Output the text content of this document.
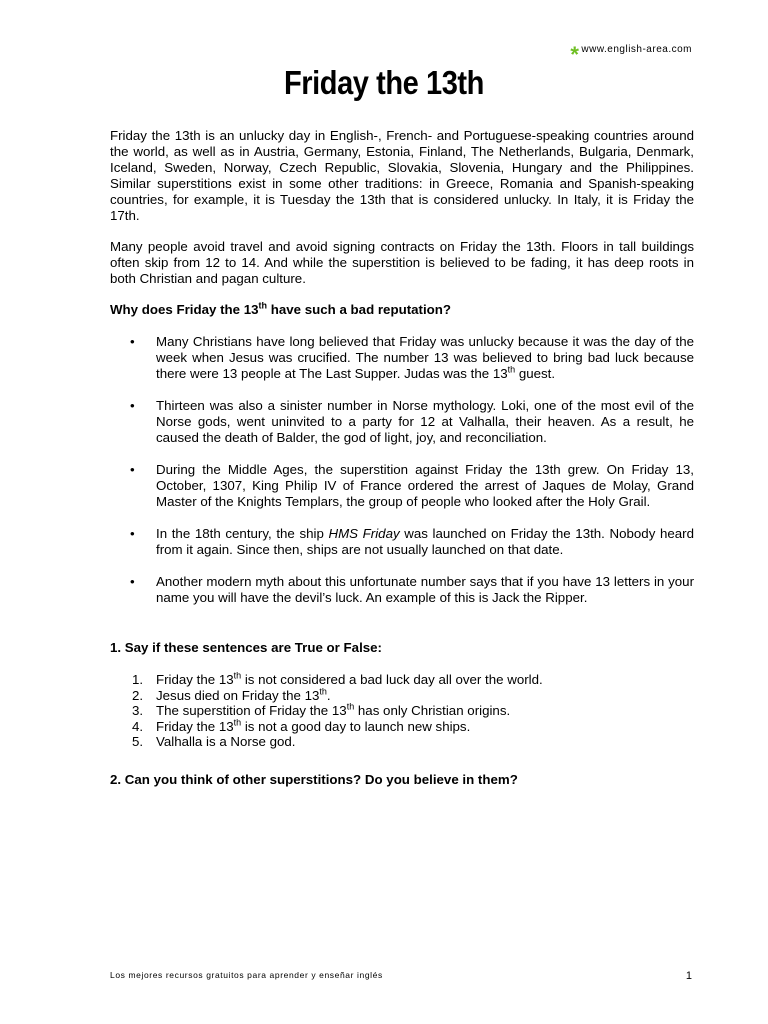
* www.english-area.com
Friday the 13th

Friday the 13th is an unlucky day in English-, French- and Portuguese-speaking countries around the world, as well as in Austria, Germany, Estonia, Finland, The Netherlands, Bulgaria, Denmark, Iceland, Sweden, Norway, Czech Republic, Slovakia, Slovenia, Hungary and the Philippines. Similar superstitions exist in some other traditions: in Greece, Romania and Spanish-speaking countries, for example, it is Tuesday the 13th that is considered unlucky. In Italy, it is Friday the 17th.

Many people avoid travel and avoid signing contracts on Friday the 13th. Floors in tall buildings often skip from 12 to 14. And while the superstition is believed to be fading, it has deep roots in both Christian and pagan culture.

Why does Friday the 13th have such a bad reputation?

• Many Christians have long believed that Friday was unlucky because it was the day of the week when Jesus was crucified. The number 13 was believed to bring bad luck because there were 13 people at The Last Supper. Judas was the 13th guest.
• Thirteen was also a sinister number in Norse mythology. Loki, one of the most evil of the Norse gods, went uninvited to a party for 12 at Valhalla, their heaven. As a result, he caused the death of Balder, the god of light, joy, and reconciliation.
• During the Middle Ages, the superstition against Friday the 13th grew. On Friday 13, October, 1307, King Philip IV of France ordered the arrest of Jaques de Molay, Grand Master of the Knights Templars, the group of people who looked after the Holy Grail.
• In the 18th century, the ship HMS Friday was launched on Friday the 13th. Nobody heard from it again. Since then, ships are not usually launched on that date.
• Another modern myth about this unfortunate number says that if you have 13 letters in your name you will have the devil’s luck. An example of this is Jack the Ripper.

1. Say if these sentences are True or False:

1. Friday the 13th is not considered a bad luck day all over the world.
2. Jesus died on Friday the 13th.
3. The superstition of Friday the 13th has only Christian origins.
4. Friday the 13th is not a good day to launch new ships.
5. Valhalla is a Norse god.

2. Can you think of other superstitions? Do you believe in them?

Los mejores recursos gratuitos para aprender y enseñar inglés	1
